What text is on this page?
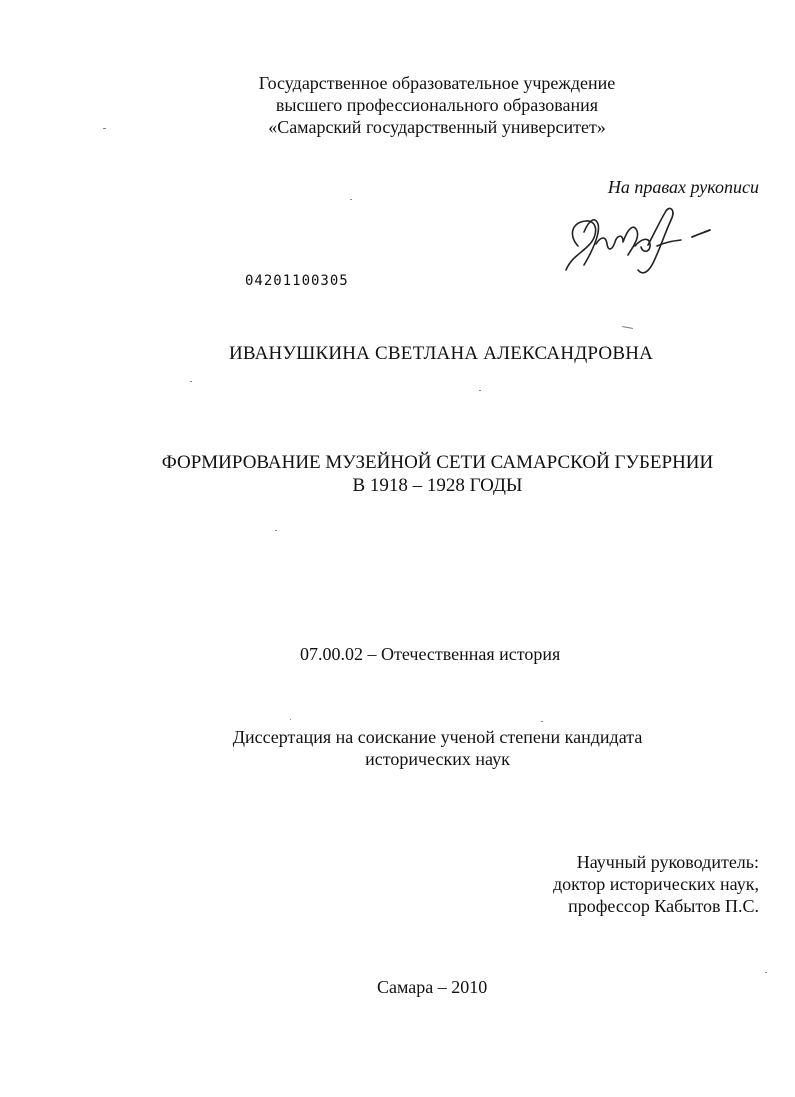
Государственное образовательное учреждение
высшего профессионального образования
«Самарский государственный университет»
На правах рукописи
04201100305
ИВАНУШКИНА СВЕТЛАНА АЛЕКСАНДРОВНА
ФОРМИРОВАНИЕ МУЗЕЙНОЙ СЕТИ САМАРСКОЙ ГУБЕРНИИ
В 1918 – 1928 ГОДЫ
07.00.02 – Отечественная история
Диссертация на соискание ученой степени кандидата
исторических наук
Научный руководитель:
доктор исторических наук,
профессор Кабытов П.С.
Самара – 2010
